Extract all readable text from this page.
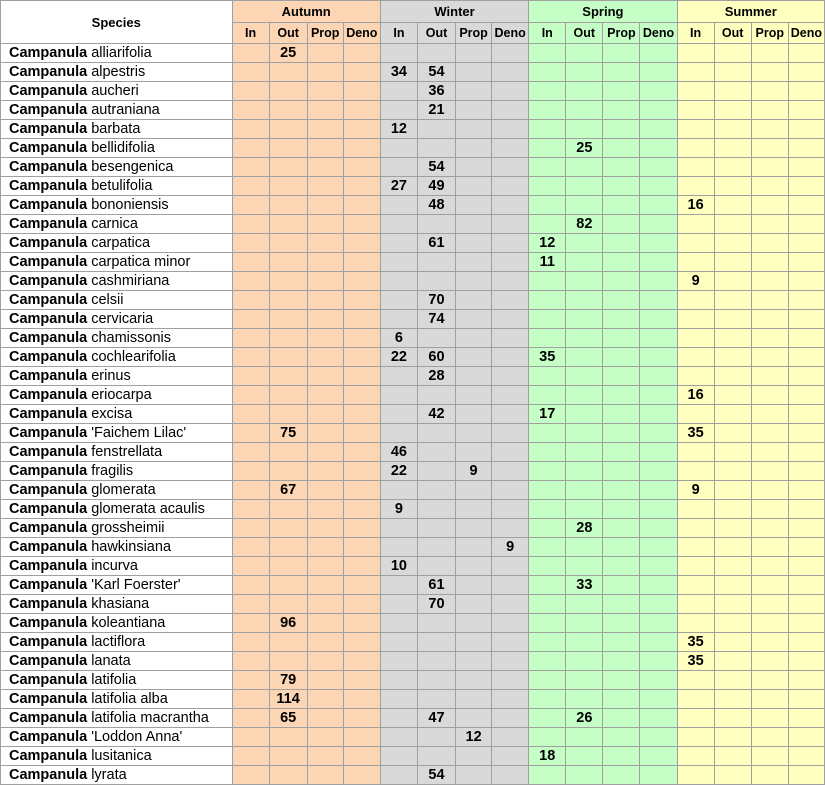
Species	Autumn				Winter				Spring				Summer			
	In	Out	Prop	Deno	In	Out	Prop	Deno	In	Out	Prop	Deno	In	Out	Prop	Deno
Campanula alliarifolia		25														
Campanula alpestris					34	54										
Campanula aucheri						36										
Campanula autraniana						21										
Campanula barbata					12											
Campanula bellidifolia										25						
Campanula besengenica						54										
Campanula betulifolia					27	49										
Campanula bononiensis						48							16			
Campanula carnica										82						
Campanula carpatica						61			12							
Campanula carpatica minor									11							
Campanula cashmiriana													9			
Campanula celsii						70										
Campanula cervicaria						74										
Campanula chamissonis					6											
Campanula cochlearifolia					22	60			35							
Campanula erinus						28										
Campanula eriocarpa													16			
Campanula excisa						42			17							
Campanula 'Faichem Lilac'		75											35			
Campanula fenstrellata					46											
Campanula fragilis					22		9									
Campanula glomerata		67											9			
Campanula glomerata acaulis					9											
Campanula grossheimii										28						
Campanula hawkinsiana								9								
Campanula incurva					10											
Campanula 'Karl Foerster'						61				33						
Campanula khasiana						70										
Campanula koleantiana		96														
Campanula lactiflora													35			
Campanula lanata													35			
Campanula latifolia		79														
Campanula latifolia alba		114														
Campanula latifolia macrantha		65				47				26						
Campanula 'Loddon Anna'							12									
Campanula lusitanica									18							
Campanula lyrata						54										
